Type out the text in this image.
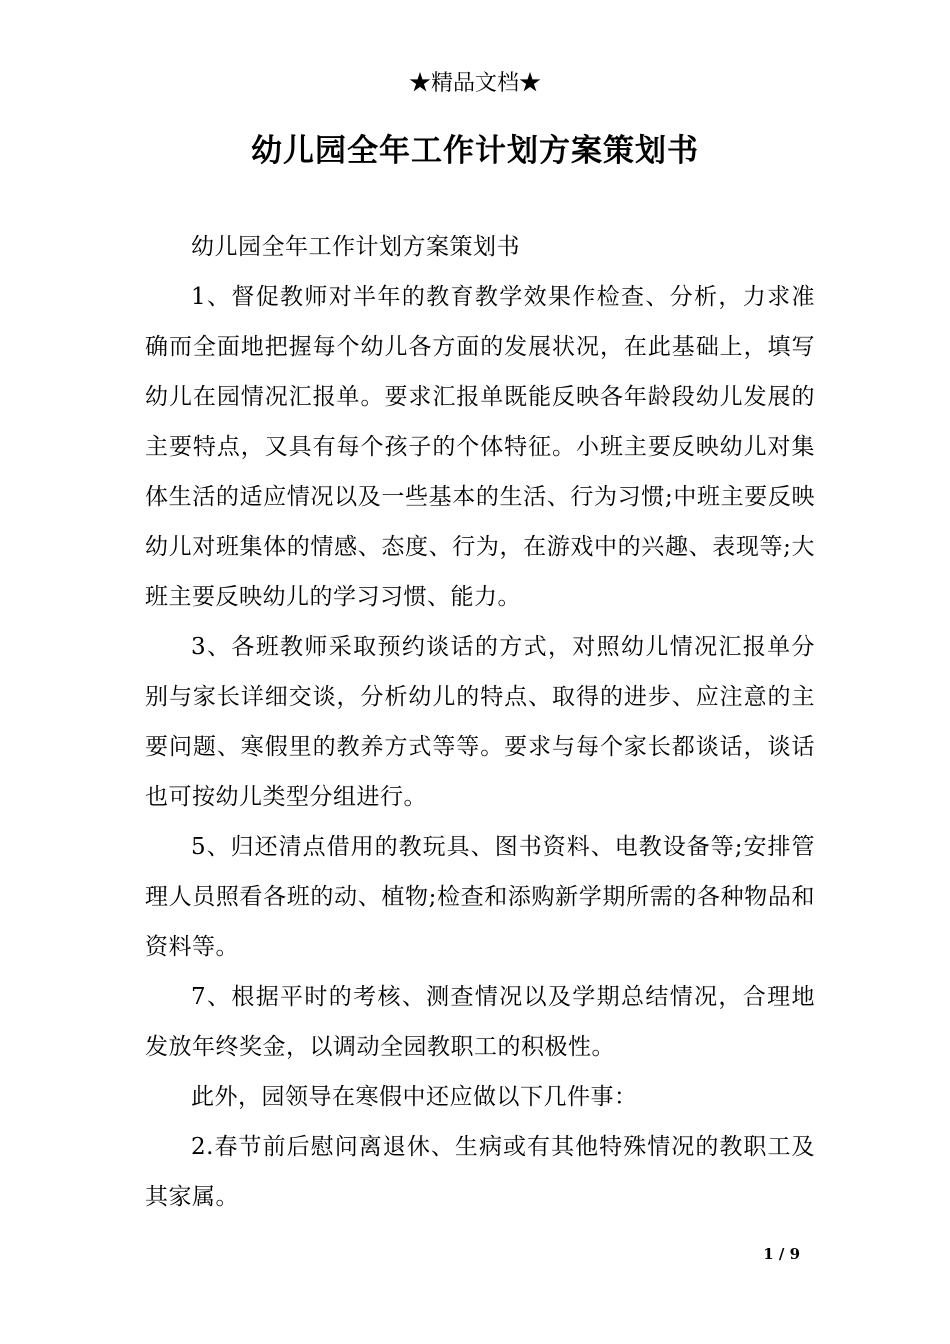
★精品文档★
幼儿园全年工作计划方案策划书

幼儿园全年工作计划方案策划书

1、督促教师对半年的教育教学效果作检查、分析，力求准确而全面地把握每个幼儿各方面的发展状况，在此基础上，填写幼儿在园情况汇报单。要求汇报单既能反映各年龄段幼儿发展的主要特点，又具有每个孩子的个体特征。小班主要反映幼儿对集体生活的适应情况以及一些基本的生活、行为习惯;中班主要反映幼儿对班集体的情感、态度、行为，在游戏中的兴趣、表现等;大班主要反映幼儿的学习习惯、能力。

3、各班教师采取预约谈话的方式，对照幼儿情况汇报单分别与家长详细交谈，分析幼儿的特点、取得的进步、应注意的主要问题、寒假里的教养方式等等。要求与每个家长都谈话，谈话也可按幼儿类型分组进行。

5、归还清点借用的教玩具、图书资料、电教设备等;安排管理人员照看各班的动、植物;检查和添购新学期所需的各种物品和资料等。

7、根据平时的考核、测查情况以及学期总结情况，合理地发放年终奖金，以调动全园教职工的积极性。

此外，园领导在寒假中还应做以下几件事：

2.春节前后慰问离退休、生病或有其他特殊情况的教职工及其家属。

1 / 9
